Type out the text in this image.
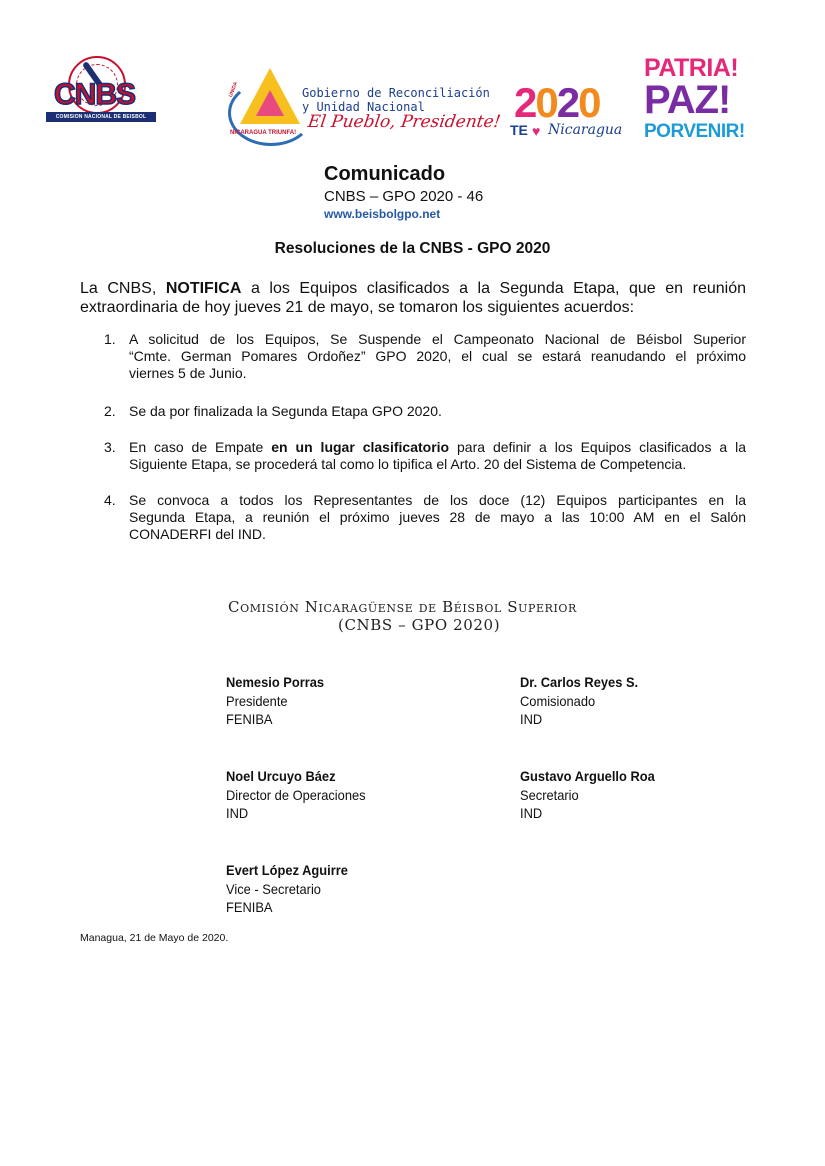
CNBS
COMISION NACIONAL DE BEISBOL SUPERIOR
UNIDA
NICARAGUA TRIUNFA!
Gobierno de Reconciliación
y Unidad Nacional
El Pueblo, Presidente! 2020
TE ♥ Nicaragua
PATRIA!
PAZ!
PORVENIR!
Comunicado
CNBS – GPO 2020 - 46
www.beisbolgpo.net
Resoluciones de la CNBS - GPO 2020
La CNBS, NOTIFICA a los Equipos clasificados a la Segunda Etapa, que en reunión
extraordinaria de hoy jueves 21 de mayo, se tomaron los siguientes acuerdos:
1. A solicitud de los Equipos, Se Suspende el Campeonato Nacional de Béisbol Superior
“Cmte. German Pomares Ordoñez” GPO 2020, el cual se estará reanudando el próximo
viernes 5 de Junio.
2. Se da por finalizada la Segunda Etapa GPO 2020.
3. En caso de Empate en un lugar clasificatorio para definir a los Equipos clasificados a la
Siguiente Etapa, se procederá tal como lo tipifica el Arto. 20 del Sistema de Competencia.
4. Se convoca a todos los Representantes de los doce (12) Equipos participantes en la
Segunda Etapa, a reunión el próximo jueves 28 de mayo a las 10:00 AM en el Salón
CONADERFI del IND.
Comisión Nicaragüense de Béisbol Superior
(CNBS – GPO 2020)
Nemesio Porras
Presidente
FENIBA
Dr. Carlos Reyes S.
Comisionado
IND
Noel Urcuyo Báez
Director de Operaciones
IND
Gustavo Arguello Roa
Secretario
IND
Evert López Aguirre
Vice - Secretario
FENIBA
Managua, 21 de Mayo de 2020.
